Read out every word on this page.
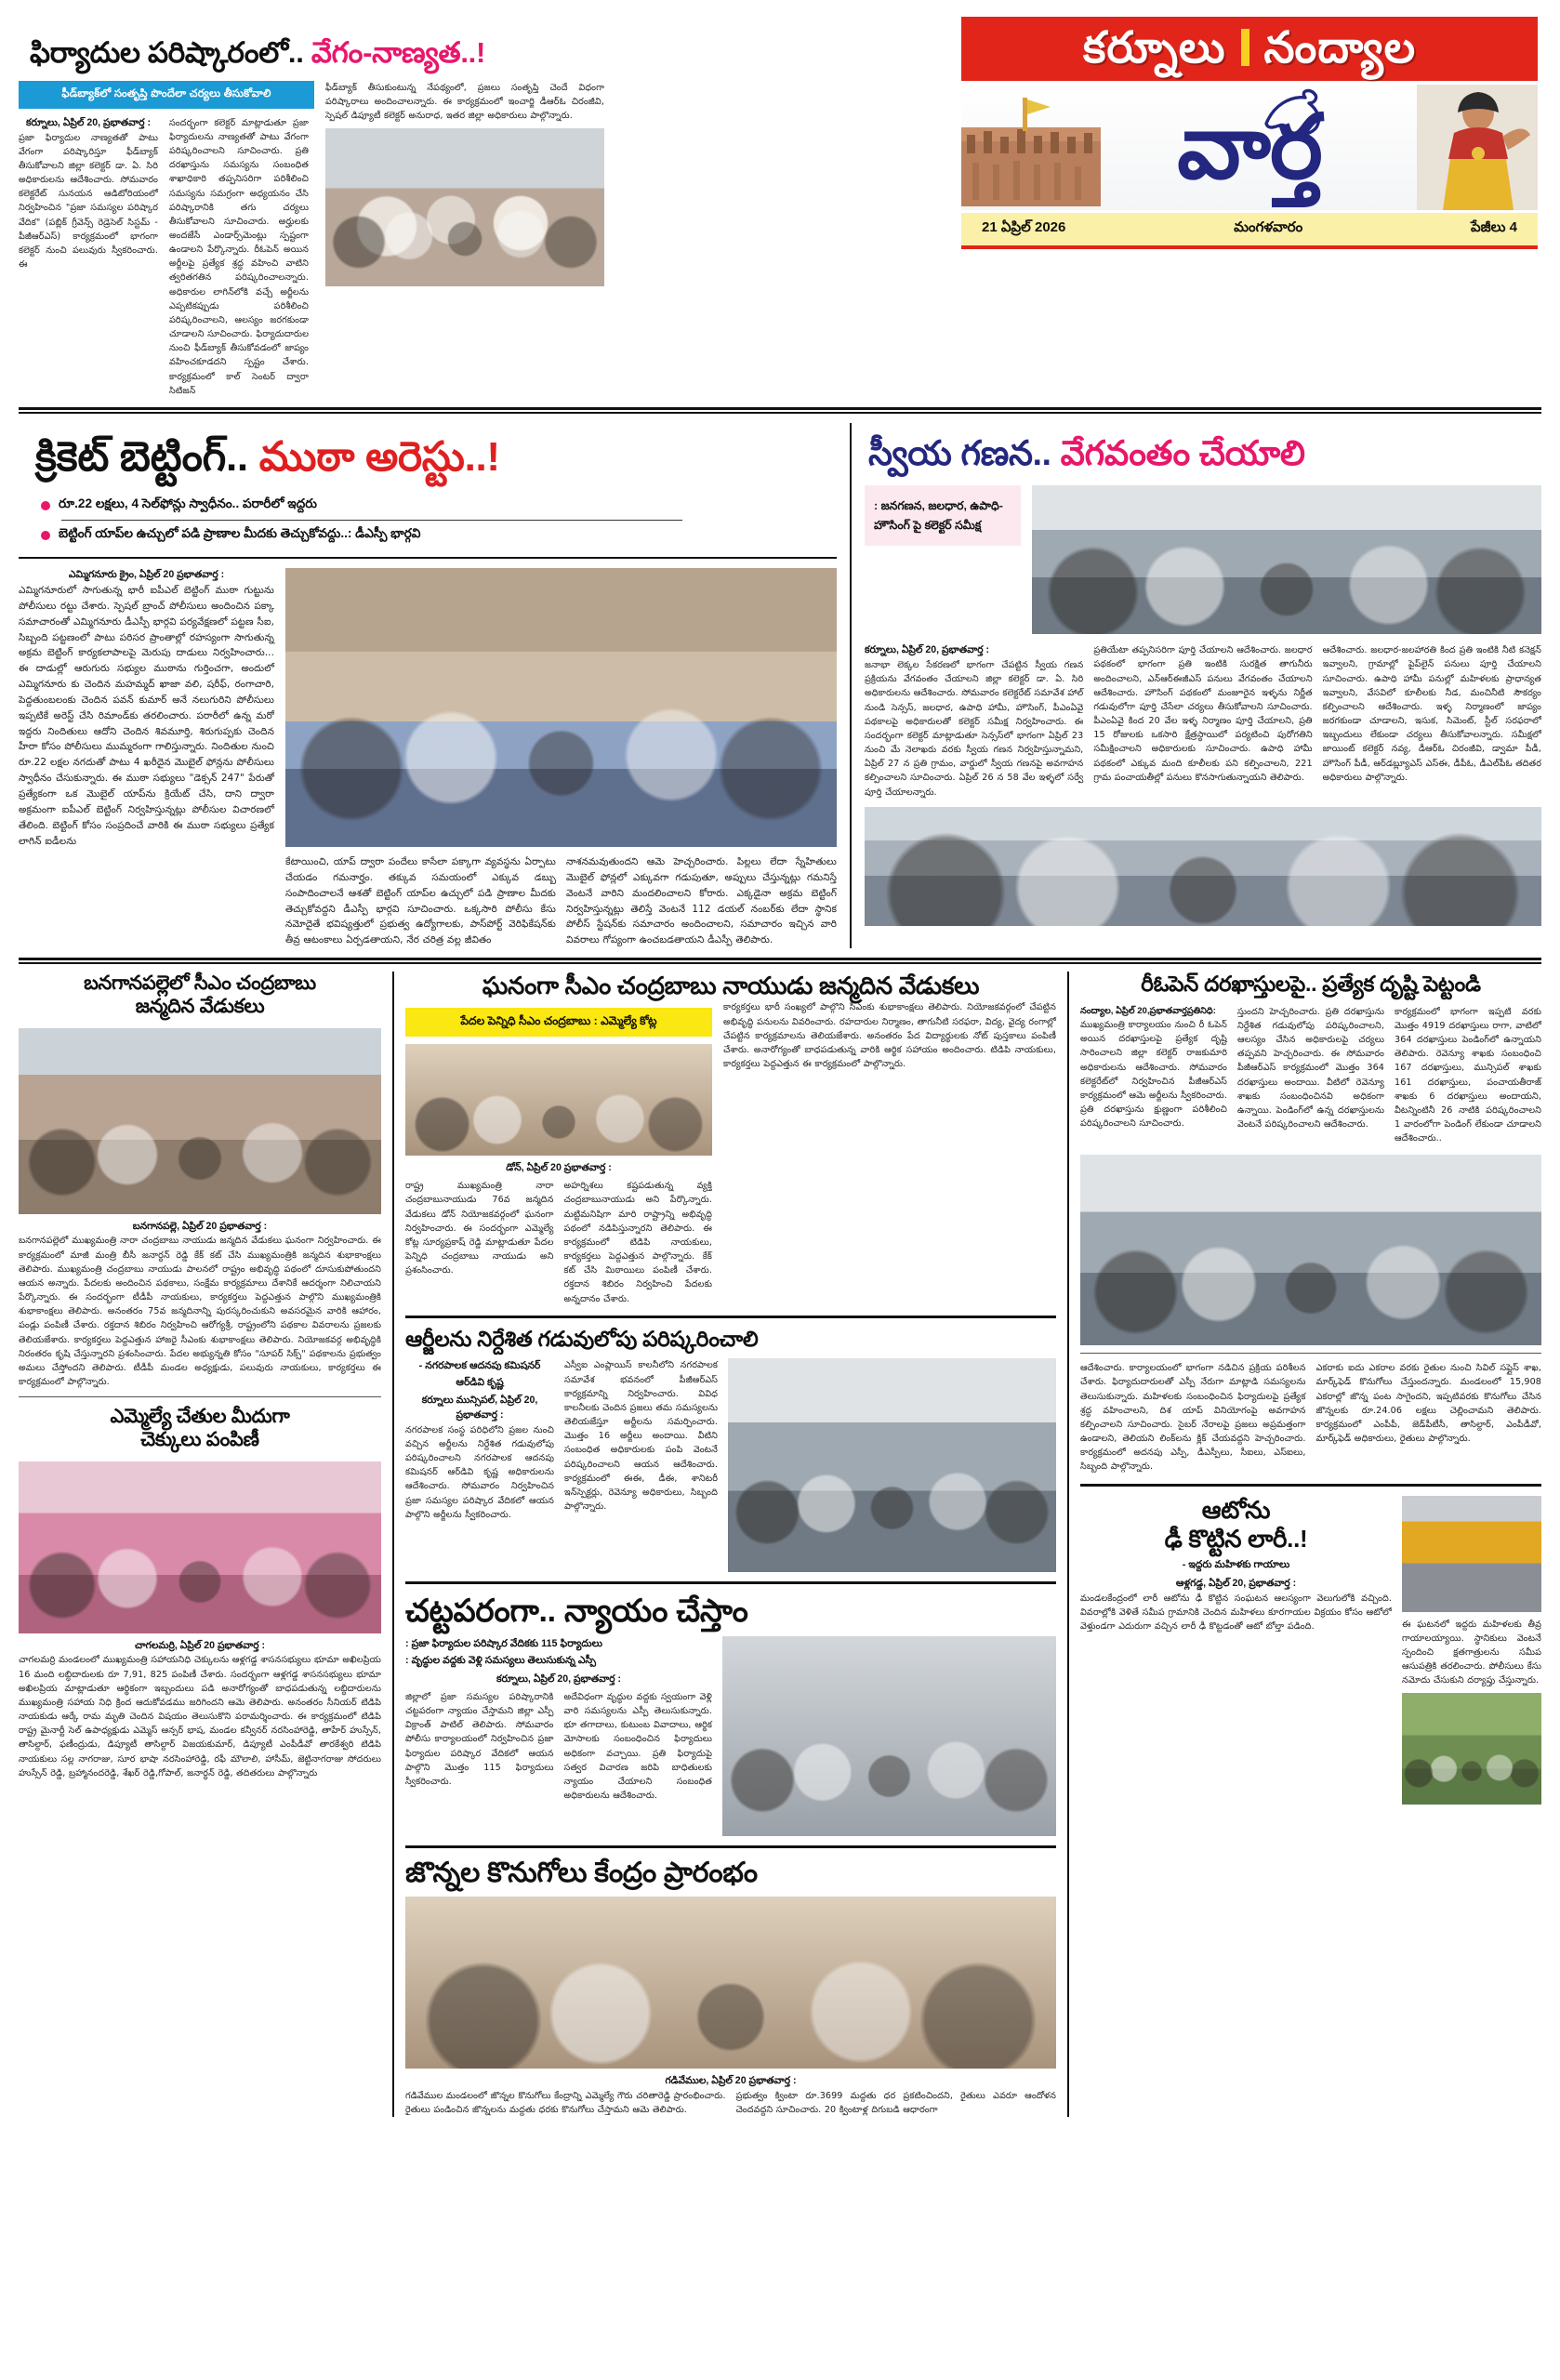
ఫిర్యాదుల పరిష్కారంలో.. వేగం-నాణ్యత..!
ఫీడ్‌బ్యాక్‌లో సంతృప్తి పొందేలా చర్యలు తీసుకోవాలి
కర్నూలు, ఏప్రిల్ 20, ప్రభాతవార్త :
ప్రజా ఫిర్యాదుల నాణ్యతతో పాటు వేగంగా పరిష్కారిస్తూ ఫీడ్‌బ్యాక్ తీసుకోవాలని జిల్లా కలెక్టర్ డా. ఏ. సిరి అధికారులను ఆదేశించారు. సోమవారం కలెక్టరేట్ సునయన ఆడిటోరియంలో నిర్వహించిన "ప్రజా సమస్యల పరిష్కార వేదిక" (పబ్లిక్ గ్రీవెన్స్ రెడ్రెసెల్ సిస్టమ్ - పీజీఆర్‌ఎస్) కార్యక్రమంలో భాగంగా కలెక్టర్ నుంచి పలువురు స్వీకరించారు. ఈ
సందర్భంగా కలెక్టర్ మాట్లాడుతూ ప్రజా ఫిర్యాదులను నాణ్యతతో పాటు వేగంగా పరిష్కరించాలని సూచించారు. ప్రతి దరఖాస్తును సమస్యను సంబంధిత శాఖాధికారి తప్పనిసరిగా పరిశీలించి సమస్యను సమగ్రంగా అధ్యయనం చేసి పరిష్కారానికి తగు చర్యలు తీసుకోవాలని సూచించారు. అర్హులకు అందజేసే ఎండార్స్‌మెంట్లు స్పష్టంగా ఉండాలని పేర్కొన్నారు. రీఓపెన్ అయిన అర్జీలపై ప్రత్యేక శ్రద్ధ వహించి వాటిని త్వరితగతిన పరిష్కరించాలన్నారు. అధికారుల లాగిన్‌లోకి వచ్చే అర్జీలను ఎప్పటికప్పుడు పరిశీలించి పరిష్కరించాలని, ఆలస్యం జరగకుండా చూడాలని సూచించారు. ఫిర్యాదుదారుల నుంచి ఫీడ్‌బ్యాక్ తీసుకోవడంలో జాప్యం వహించకూడదని స్పష్టం చేశారు. కార్యక్రమంలో కాల్ సెంటర్ ద్వారా సిటిజన్
ఫీడ్‌బ్యాక్ తీసుకుంటున్న నేపథ్యంలో, ప్రజలు సంతృప్తి చెందే విధంగా పరిష్కారాలు అందించాలన్నారు. ఈ కార్యక్రమంలో ఇంచార్జి డీఆర్‌ఓ చిరంజీవి, స్పెషల్ డిప్యూటీ కలెక్టర్ అనురాధ, ఇతర జిల్లా అధికారులు పాల్గొన్నారు.
కర్నూలు నంద్యాల
వార్త
21 ఏప్రిల్ 2026	మంగళవారం	పేజీలు 4
క్రికెట్ బెట్టింగ్.. ముఠా అరెస్టు..!
రూ.22 లక్షలు, 4 సెల్‌ఫోన్లు స్వాధీనం.. పరారీలో ఇద్దరు
బెట్టింగ్ యాప్‌ల ఉచ్చులో పడి ప్రాణాల మీదకు తెచ్చుకోవద్దు..: డీఎస్పీ భార్గవి
ఎమ్మిగనూరు క్రైం, ఏప్రిల్ 20 ప్రభాతవార్త :
ఎమ్మిగనూరులో సాగుతున్న భారీ ఐపీఎల్ బెట్టింగ్ ముఠా గుట్టును పోలీసులు రట్టు చేశారు. స్పెషల్ బ్రాంచ్ పోలీసులు అందించిన పక్కా సమాచారంతో ఎమ్మిగనూరు డీఎస్పీ భార్గవి పర్యవేక్షణలో పట్టణ సీఐ, సిబ్బంది పట్టణంలో పాటు పరిసర ప్రాంతాల్లో రహస్యంగా సాగుతున్న అక్రమ బెట్టింగ్ కార్యకలాపాలపై మెరుపు దాడులు నిర్వహించారు... ఈ దాడుల్లో ఆరుగురు సభ్యుల ముఠాను గుర్తించగా, అందులో ఎమ్మిగనూరు కు చెందిన మహమ్మద్ ఖాజా వలి, షరీఫ్, రంగాచారి, పెద్దతుంబలంకు చెందిన పవన్ కుమార్ అనే నలుగురిని పోలీసులు ఇప్పటికే అరెస్ట్ చేసి రిమాండ్‌కు తరలించారు. పరారీలో ఉన్న మరో ఇద్దరు నిందితులు ఆదోని చెందిన శివమూర్తి, శిరుగుప్పకు చెందిన హీరా కోసం పోలీసులు ముమ్మరంగా గాలిస్తున్నారు. నిందితుల నుంచి రూ.22 లక్షల నగదుతో పాటు 4 ఖరీదైన మొబైల్ ఫోన్లను పోలీసులు స్వాధీనం చేసుకున్నారు. ఈ ముఠా సభ్యులు "డెక్సన్ 247" పేరుతో ప్రత్యేకంగా ఒక మొబైల్ యాప్‌ను క్రియేట్ చేసి, దాని ద్వారా అక్రమంగా ఐపీఎల్ బెట్టింగ్ నిర్వహిస్తున్నట్లు పోలీసుల విచారణలో తేలింది. బెట్టింగ్ కోసం సంప్రదించే వారికి ఈ ముఠా సభ్యులు ప్రత్యేక లాగిన్ ఐడీలను
కేటాయించి, యాప్ ద్వారా పందేలు కాసేలా పక్కాగా వ్యవస్థను ఏర్పాటు చేయడం గమనార్హం. తక్కువ సమయంలో ఎక్కువ డబ్బు సంపాదించాలనే ఆశతో బెట్టింగ్ యాప్‌ల ఉచ్చులో పడి ప్రాణాల మీదకు తెచ్చుకోవద్దని డీఎస్పీ భార్గవి సూచించారు. ఒక్కసారి పోలీసు కేసు నమోదైతే భవిష్యత్తులో ప్రభుత్వ ఉద్యోగాలకు, పాస్‌పోర్ట్ వెరిఫికేషన్‌కు తీవ్ర ఆటంకాలు ఏర్పడతాయని, నేర చరిత్ర వల్ల జీవితం
నాశనమవుతుందని ఆమె హెచ్చరించారు. పిల్లలు లేదా స్నేహితులు మొబైల్ ఫోన్లలో ఎక్కువగా గడుపుతూ, అప్పులు చేస్తున్నట్లు గమనిస్తే వెంటనే వారిని మందలించాలని కోరారు. ఎక్కడైనా అక్రమ బెట్టింగ్ నిర్వహిస్తున్నట్లు తెలిస్తే వెంటనే 112 డయల్ నంబర్‌కు లేదా స్థానిక పోలీస్ స్టేషన్‌కు సమాచారం అందించాలని, సమాచారం ఇచ్చిన వారి వివరాలు గోప్యంగా ఉంచబడతాయని డీఎస్పీ తెలిపారు.
స్వీయ గణన.. వేగవంతం చేయాలి
: జనగణన, జలధార, ఉపాధి-హౌసింగ్ పై కలెక్టర్ సమీక్ష
కర్నూలు, ఏప్రిల్ 20, ప్రభాతవార్త :
జనాభా లెక్కల సేకరణలో భాగంగా చేపట్టిన స్వీయ గణన ప్రక్రియను వేగవంతం చేయాలని జిల్లా కలెక్టర్ డా. ఏ. సిరి అధికారులను ఆదేశించారు. సోమవారం కలెక్టరేట్ సమావేశ హాల్ నుండి సెన్సస్, జలధార, ఉపాధి హామీ, హౌసింగ్, పీఎంఏవై పథకాలపై అధికారులతో కలెక్టర్ సమీక్ష నిర్వహించారు. ఈ సందర్భంగా కలెక్టర్ మాట్లాడుతూ సెన్సస్‌లో భాగంగా ఏప్రిల్ 23 నుంచి మే నెలాఖరు వరకు స్వీయ గణన నిర్వహిస్తున్నామని, ఏప్రిల్ 27 న ప్రతి గ్రామం, వార్డులో స్వీయ గణనపై అవగాహన కల్పించాలని సూచించారు. ఏప్రిల్ 26 న 58 వేల ఇళ్ళలో సర్వే పూర్తి చేయాలన్నారు.
ప్రతియేటా తప్పనిసరిగా పూర్తి చేయాలని ఆదేశించారు. జలధార పథకంలో భాగంగా ప్రతి ఇంటికి సురక్షిత తాగునీరు అందించాలని, ఎన్‌ఆర్‌ఈజీఎస్ పనులు వేగవంతం చేయాలని ఆదేశించారు. హౌసింగ్ పథకంలో మంజూరైన ఇళ్ళను నిర్ణీత గడువులోగా పూర్తి చేసేలా చర్యలు తీసుకోవాలని సూచించారు. పీఎంఏవై కింద 20 వేల ఇళ్ళ నిర్మాణం పూర్తి చేయాలని, ప్రతి 15 రోజులకు ఒకసారి క్షేత్రస్థాయిలో పర్యటించి పురోగతిని సమీక్షించాలని అధికారులకు సూచించారు. ఉపాధి హామీ పథకంలో ఎక్కువ మంది కూలీలకు పని కల్పించాలని, 221 గ్రామ పంచాయతీల్లో పనులు కొనసాగుతున్నాయని తెలిపారు.
ఆదేశించారు. జలధార-జలహారతి కింద ప్రతి ఇంటికి నీటి కనెక్షన్ ఇవ్వాలని, గ్రామాల్లో పైప్‌లైన్ పనులు పూర్తి చేయాలని సూచించారు. ఉపాధి హామీ పనుల్లో మహిళలకు ప్రాధాన్యత ఇవ్వాలని, వేసవిలో కూలీలకు నీడ, మంచినీటి సౌకర్యం కల్పించాలని ఆదేశించారు. ఇళ్ళ నిర్మాణంలో జాప్యం జరగకుండా చూడాలని, ఇసుక, సిమెంట్, స్టీల్ సరఫరాలో ఇబ్బందులు లేకుండా చర్యలు తీసుకోవాలన్నారు. సమీక్షలో జాయింట్ కలెక్టర్ నవ్య, డీఆర్‌ఓ చిరంజీవి, డ్వామా పీడీ, హౌసింగ్ పీడీ, ఆర్‌డబ్ల్యూఎస్ ఎస్‌ఈ, డీపీఓ, డీఎల్‌పీఓ తదితర అధికారులు పాల్గొన్నారు.
బనగానపల్లెలో సీఎం చంద్రబాబు
జన్మదిన వేడుకలు
బనగానపల్లె, ఏప్రిల్ 20 ప్రభాతవార్త :
బనగానపల్లెలో ముఖ్యమంత్రి నారా చంద్రబాబు నాయుడు జన్మదిన వేడుకలు ఘనంగా నిర్వహించారు. ఈ కార్యక్రమంలో మాజీ మంత్రి బీసీ జనార్ధన్ రెడ్డి కేక్ కట్ చేసి ముఖ్యమంత్రికి జన్మదిన శుభాకాంక్షలు తెలిపారు. ముఖ్యమంత్రి చంద్రబాబు నాయుడు పాలనలో రాష్ట్రం అభివృద్ధి పథంలో దూసుకుపోతుందని ఆయన అన్నారు. పేదలకు అందించిన పథకాలు, సంక్షేమ కార్యక్రమాలు దేశానికే ఆదర్శంగా నిలిచాయని పేర్కొన్నారు. ఈ సందర్భంగా టీడీపీ నాయకులు, కార్యకర్తలు పెద్దఎత్తున పాల్గొని ముఖ్యమంత్రికి శుభాకాంక్షలు తెలిపారు. అనంతరం 75వ జన్మదినాన్ని పురస్కరించుకుని అవసరమైన వారికి ఆహారం, పండ్లు పంపిణీ చేశారు. రక్తదాన శిబిరం నిర్వహించి ఆరోగ్యశ్రీ, రాష్ట్రంలోని పథకాల వివరాలను ప్రజలకు తెలియజేశారు. కార్యకర్తలు పెద్దఎత్తున హాజరై సీఎంకు శుభాకాంక్షలు తెలిపారు. నియోజకవర్గ అభివృద్ధికి నిరంతరం కృషి చేస్తున్నారని ప్రశంసించారు. పేదల అభ్యున్నతి కోసం "సూపర్ సిక్స్" పథకాలను ప్రభుత్వం అమలు చేస్తోందని తెలిపారు. టీడీపీ మండల అధ్యక్షుడు, పలువురు నాయకులు, కార్యకర్తలు ఈ కార్యక్రమంలో పాల్గొన్నారు.
ఎమ్మెల్యే చేతుల మీదుగా
చెక్కులు పంపిణీ
చాగలమర్రి, ఏప్రిల్ 20 ప్రభాతవార్త :
చాగలమర్రి మండలంలో ముఖ్యమంత్రి సహాయనిధి చెక్కులను ఆళ్లగడ్డ శాసనసభ్యులు భూమా అఖిలప్రియ 16 మంది లబ్ధిదారులకు రూ 7,91, 825 పంపిణీ చేశారు. సందర్భంగా ఆళ్లగడ్డ శాసనసభ్యులు భూమా అఖిలప్రియ మాట్లాడుతూ ఆర్థికంగా ఇబ్బందులు పడి అనారోగ్యంతో బాధపడుతున్న లబ్ధిదారులను ముఖ్యమంత్రి సహాయ నిధి క్రింద ఆదుకోవడము జరిగిందని ఆమె తెలిపారు. అనంతరం సీనియర్ టిడిపి నాయకుడు ఆర్కే రామ మృతి చెందిన విషయం తెలుసుకొని పరామర్శించారు. ఈ కార్యక్రమంలో టిడిపి రాష్ట్ర మైనార్టీ సెల్ ఉపాధ్యక్షుడు ఎమ్మెస్ ఆన్సర్ భాష, మండల కన్వీనర్ నరసింహారెడ్డి, తాహేర్ హుస్సేన్, తాసిల్దార్, ఫణీంద్రుడు, డిప్యూటీ తాసిల్దార్ విజయకుమార్, డిప్యూటీ ఎంపీడీవో తారకేశ్వరి టిడిపి నాయకులు సల్ల నాగరాజు, సూర భాషా నరసింహారెడ్డి, రఫీ మౌలాలి, హాసీమ్, జెట్టినాగరాజు సోదరులు హుస్సేన్ రెడ్డి, బ్రహ్మానందరెడ్డి, శేఖర్ రెడ్డి,గోపాల్, జనార్ధన్ రెడ్డి, తదితరులు పాల్గొన్నారు
ఘనంగా సీఎం చంద్రబాబు నాయుడు జన్మదిన వేడుకలు
పేదల పెన్నిధి సీఎం చంద్రబాబు : ఎమ్మెల్యే కోట్ల
డోన్, ఏప్రిల్ 20 ప్రభాతవార్త :
రాష్ట్ర ముఖ్యమంత్రి నారా చంద్రబాబునాయుడు 76వ జన్మదిన వేడుకలు డోన్ నియోజకవర్గంలో ఘనంగా నిర్వహించారు. ఈ సందర్భంగా ఎమ్మెల్యే కోట్ల సూర్యప్రకాష్ రెడ్డి మాట్లాడుతూ పేదల పెన్నిధి చంద్రబాబు నాయుడు అని ప్రశంసించారు.
అహర్నిశలు కష్టపడుతున్న వ్యక్తి చంద్రబాబునాయుడు అని పేర్కొన్నారు. మట్టిమనిషిగా మారి రాష్ట్రాన్ని అభివృద్ధి పథంలో నడిపిస్తున్నారని తెలిపారు. ఈ కార్యక్రమంలో టిడిపి నాయకులు, కార్యకర్తలు పెద్దఎత్తున పాల్గొన్నారు. కేక్ కట్ చేసి మిఠాయిలు పంపిణీ చేశారు. రక్తదాన శిబిరం నిర్వహించి పేదలకు అన్నదానం చేశారు.
కార్యకర్తలు భారీ సంఖ్యలో పాల్గొని సీఎంకు శుభాకాంక్షలు తెలిపారు. నియోజకవర్గంలో చేపట్టిన అభివృద్ధి పనులను వివరించారు. రహదారుల నిర్మాణం, తాగునీటి సరఫరా, విద్య, వైద్య రంగాల్లో చేపట్టిన కార్యక్రమాలను తెలియజేశారు. అనంతరం పేద విద్యార్థులకు నోట్ పుస్తకాలు పంపిణీ చేశారు. అనారోగ్యంతో బాధపడుతున్న వారికి ఆర్థిక సహాయం అందించారు. టిడిపి నాయకులు, కార్యకర్తలు పెద్దఎత్తున ఈ కార్యక్రమంలో పాల్గొన్నారు.
ఆర్జీలను నిర్దేశిత గడువులోపు పరిష్కరించాలి
- నగరపాలక ఆదనపు కమిషనర్
ఆర్‌డివి కృష్ణ
కర్నూలు మున్సిపల్, ఏప్రిల్ 20, ప్రభాతవార్త :
నగరపాలక సంస్థ పరిధిలోని ప్రజల నుంచి వచ్చిన అర్జీలను నిర్దేశిత గడువులోపు పరిష్కరించాలని నగరపాలక ఆదనపు కమిషనర్ ఆర్‌డివి కృష్ణ అధికారులను ఆదేశించారు. సోమవారం నిర్వహించిన ప్రజా సమస్యల పరిష్కార వేదికలో ఆయన పాల్గొని అర్జీలను స్వీకరించారు.
ఎస్వీఐ ఎంప్లాయిస్ కాలనీలోని నగరపాలక సమావేశ భవనంలో పీజీఆర్‌ఎస్ కార్యక్రమాన్ని నిర్వహించారు. వివిధ కాలనీలకు చెందిన ప్రజలు తమ సమస్యలను తెలియజేస్తూ అర్జీలను సమర్పించారు. మొత్తం 16 అర్జీలు అందాయి. వీటిని సంబంధిత అధికారులకు పంపి వెంటనే పరిష్కరించాలని ఆయన ఆదేశించారు. కార్యక్రమంలో ఈఈ, డీఈ, శానిటరీ ఇన్‌స్పెక్టర్లు, రెవెన్యూ అధికారులు, సిబ్బంది పాల్గొన్నారు.
చట్టపరంగా.. న్యాయం చేస్తాం
: ప్రజా ఫిర్యాదుల పరిష్కార వేదికకు 115 ఫిర్యాదులు
: వృద్ధుల వద్దకు వెళ్లి సమస్యలు తెలుసుకున్న ఎస్పీ
కర్నూలు, ఏప్రిల్ 20, ప్రభాతవార్త :
జిల్లాలో ప్రజా సమస్యల పరిష్కారానికి చట్టపరంగా న్యాయం చేస్తామని జిల్లా ఎస్పీ విక్రాంత్ పాటిల్ తెలిపారు. సోమవారం పోలీసు కార్యాలయంలో నిర్వహించిన ప్రజా ఫిర్యాదుల పరిష్కార వేదికలో ఆయన పాల్గొని మొత్తం 115 ఫిర్యాదులు స్వీకరించారు.
అదేవిధంగా వృద్ధుల వద్దకు స్వయంగా వెళ్లి వారి సమస్యలను ఎస్పీ తెలుసుకున్నారు. భూ తగాదాలు, కుటుంబ వివాదాలు, ఆర్థిక మోసాలకు సంబంధించిన ఫిర్యాదులు అధికంగా వచ్చాయి. ప్రతి ఫిర్యాదుపై సత్వర విచారణ జరిపి బాధితులకు న్యాయం చేయాలని సంబంధిత అధికారులను ఆదేశించారు.
జొన్నల కొనుగోలు కేంద్రం ప్రారంభం
గడివేముల, ఏప్రిల్ 20 ప్రభాతవార్త :
గడివేముల మండలంలో జొన్నల కొనుగోలు కేంద్రాన్ని ఎమ్మెల్యే గౌరు చరితారెడ్డి ప్రారంభించారు. రైతులు పండించిన జొన్నలను మద్దతు ధరకు కొనుగోలు చేస్తామని ఆమె తెలిపారు.
ప్రభుత్వం క్వింటా రూ.3699 మద్దతు ధర ప్రకటించిందని, రైతులు ఎవరూ ఆందోళన చెందవద్దని సూచించారు. 20 క్వింటాళ్ల దిగుబడి ఆధారంగా
రీఓపెన్ దరఖాస్తులపై.. ప్రత్యేక దృష్టి పెట్టండి
నంద్యాల, ఏప్రిల్ 20,ప్రభాతవార్తప్రతినిధి:
ముఖ్యమంత్రి కార్యాలయం నుంచి రీ ఓపెన్ అయిన దరఖాస్తులపై ప్రత్యేక దృష్టి సారించాలని జిల్లా కలెక్టర్ రాజకుమారి అధికారులను ఆదేశించారు. సోమవారం కలెక్టరేట్‌లో నిర్వహించిన పీజీఆర్‌ఎస్ కార్యక్రమంలో ఆమె అర్జీలను స్వీకరించారు. ప్రతి దరఖాస్తును క్షుణ్ణంగా పరిశీలించి పరిష్కరించాలని సూచించారు.
స్తుందని హెచ్చరించారు. ప్రతి దరఖాస్తును నిర్దేశిత గడువులోపు పరిష్కరించాలని, ఆలస్యం చేసిన అధికారులపై చర్యలు తప్పవని హెచ్చరించారు. ఈ సోమవారం పీజీఆర్‌ఎస్ కార్యక్రమంలో మొత్తం 364 దరఖాస్తులు అందాయి. వీటిలో రెవెన్యూ శాఖకు సంబంధించినవి అధికంగా ఉన్నాయి. పెండింగ్‌లో ఉన్న దరఖాస్తులను వెంటనే పరిష్కరించాలని ఆదేశించారు.
కార్యక్రమంలో భాగంగా ఇప్పటి వరకు మొత్తం 4919 దరఖాస్తులు రాగా, వాటిలో 364 దరఖాస్తులు పెండింగ్‌లో ఉన్నాయని తెలిపారు. రెవెన్యూ శాఖకు సంబంధించి 167 దరఖాస్తులు, మున్సిపల్ శాఖకు 161 దరఖాస్తులు, పంచాయతీరాజ్ శాఖకు 6 దరఖాస్తులు అందాయని, వీటన్నింటినీ 26 నాటికి పరిష్కరించాలని 1 వారంలోగా పెండింగ్ లేకుండా చూడాలని ఆదేశించారు..
ఆదేశించారు. కార్యాలయంలో భాగంగా నడిచిన ప్రక్రియ పరిశీలన చేశారు. ఫిర్యాదుదారులతో ఎస్పీ నేరుగా మాట్లాడి సమస్యలను తెలుసుకున్నారు. మహిళలకు సంబంధించిన ఫిర్యాదులపై ప్రత్యేక శ్రద్ధ వహించాలని, దిశ యాప్ వినియోగంపై అవగాహన కల్పించాలని సూచించారు. సైబర్ నేరాలపై ప్రజలు అప్రమత్తంగా ఉండాలని, తెలియని లింక్‌లను క్లిక్ చేయవద్దని హెచ్చరించారు. కార్యక్రమంలో అదనపు ఎస్పీ, డీఎస్పీలు, సీఐలు, ఎస్‌ఐలు, సిబ్బంది పాల్గొన్నారు.
ఎకరాకు ఐదు ఎకరాల వరకు రైతుల నుంచి సివిల్ సప్లైస్ శాఖ, మార్క్‌ఫెడ్ కొనుగోలు చేస్తుందన్నారు. మండలంలో 15,908 ఎకరాల్లో జొన్న పంట సాగైందని, ఇప్పటివరకు కొనుగోలు చేసిన జొన్నలకు రూ.24.06 లక్షలు చెల్లించామని తెలిపారు. కార్యక్రమంలో ఎంపీపీ, జెడ్‌పీటీసీ, తాసిల్దార్, ఎంపీడీవో, మార్క్‌ఫెడ్ అధికారులు, రైతులు పాల్గొన్నారు.
ఆటోను
ఢీ కొట్టిన లారీ..!
- ఇద్దరు మహిళకు గాయాలు
ఆళ్లగడ్డ, ఏప్రిల్ 20, ప్రభాతవార్త :
మండలకేంద్రంలో లారీ ఆటోను ఢీ కొట్టిన సంఘటన ఆలస్యంగా వెలుగులోకి వచ్చింది. వివరాల్లోకి వెళితే సమీప గ్రామానికి చెందిన మహిళలు కూరగాయల విక్రయం కోసం ఆటోలో వెళ్తుండగా ఎదురుగా వచ్చిన లారీ ఢీ కొట్టడంతో ఆటో బోల్తా పడింది.	ఈ ఘటనలో ఇద్దరు మహిళలకు తీవ్ర గాయాలయ్యాయి. స్థానికులు వెంటనే స్పందించి క్షతగాత్రులను సమీప ఆసుపత్రికి తరలించారు. పోలీసులు కేసు నమోదు చేసుకుని దర్యాప్తు చేస్తున్నారు.
